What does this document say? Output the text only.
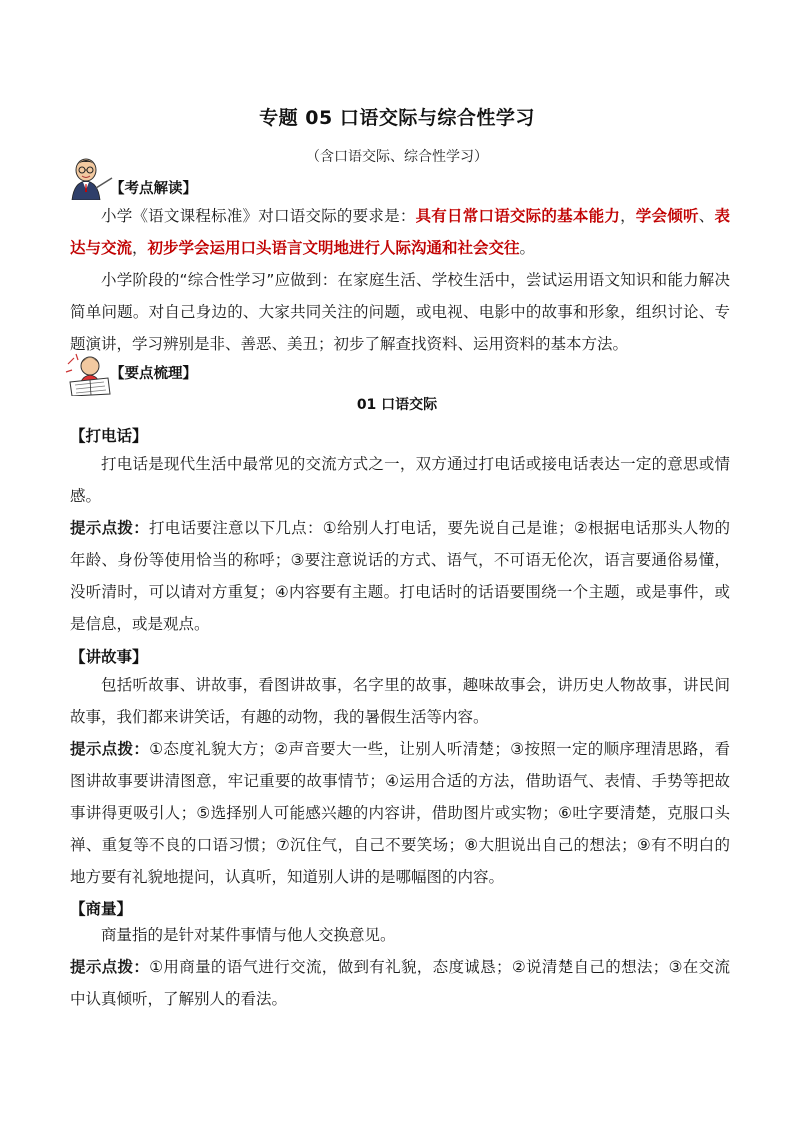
专题 05 口语交际与综合性学习
（含口语交际、综合性学习）
【考点解读】
小学《语文课程标准》对口语交际的要求是：具有日常口语交际的基本能力，学会倾听、表达与交流，初步学会运用口头语言文明地进行人际沟通和社会交往。
小学阶段的“综合性学习”应做到：在家庭生活、学校生活中，尝试运用语文知识和能力解决简单问题。对自己身边的、大家共同关注的问题，或电视、电影中的故事和形象，组织讨论、专题演讲，学习辨别是非、善恶、美丑；初步了解查找资料、运用资料的基本方法。
【要点梳理】
01 口语交际
【打电话】
打电话是现代生活中最常见的交流方式之一，双方通过打电话或接电话表达一定的意思或情感。
提示点拨：打电话要注意以下几点：①给别人打电话，要先说自己是谁；②根据电话那头人物的年龄、身份等使用恰当的称呼；③要注意说话的方式、语气，不可语无伦次，语言要通俗易懂，没听清时，可以请对方重复；④内容要有主题。打电话时的话语要围绕一个主题，或是事件，或是信息，或是观点。
【讲故事】
包括听故事、讲故事，看图讲故事，名字里的故事，趣味故事会，讲历史人物故事，讲民间故事，我们都来讲笑话，有趣的动物，我的暑假生活等内容。
提示点拨：①态度礼貌大方；②声音要大一些，让别人听清楚；③按照一定的顺序理清思路，看图讲故事要讲清图意，牢记重要的故事情节；④运用合适的方法，借助语气、表情、手势等把故事讲得更吸引人；⑤选择别人可能感兴趣的内容讲，借助图片或实物；⑥吐字要清楚，克服口头禅、重复等不良的口语习惯；⑦沉住气，自己不要笑场；⑧大胆说出自己的想法；⑨有不明白的地方要有礼貌地提问，认真听，知道别人讲的是哪幅图的内容。
【商量】
商量指的是针对某件事情与他人交换意见。
提示点拨：①用商量的语气进行交流，做到有礼貌，态度诚恳；②说清楚自己的想法；③在交流中认真倾听，了解别人的看法。
